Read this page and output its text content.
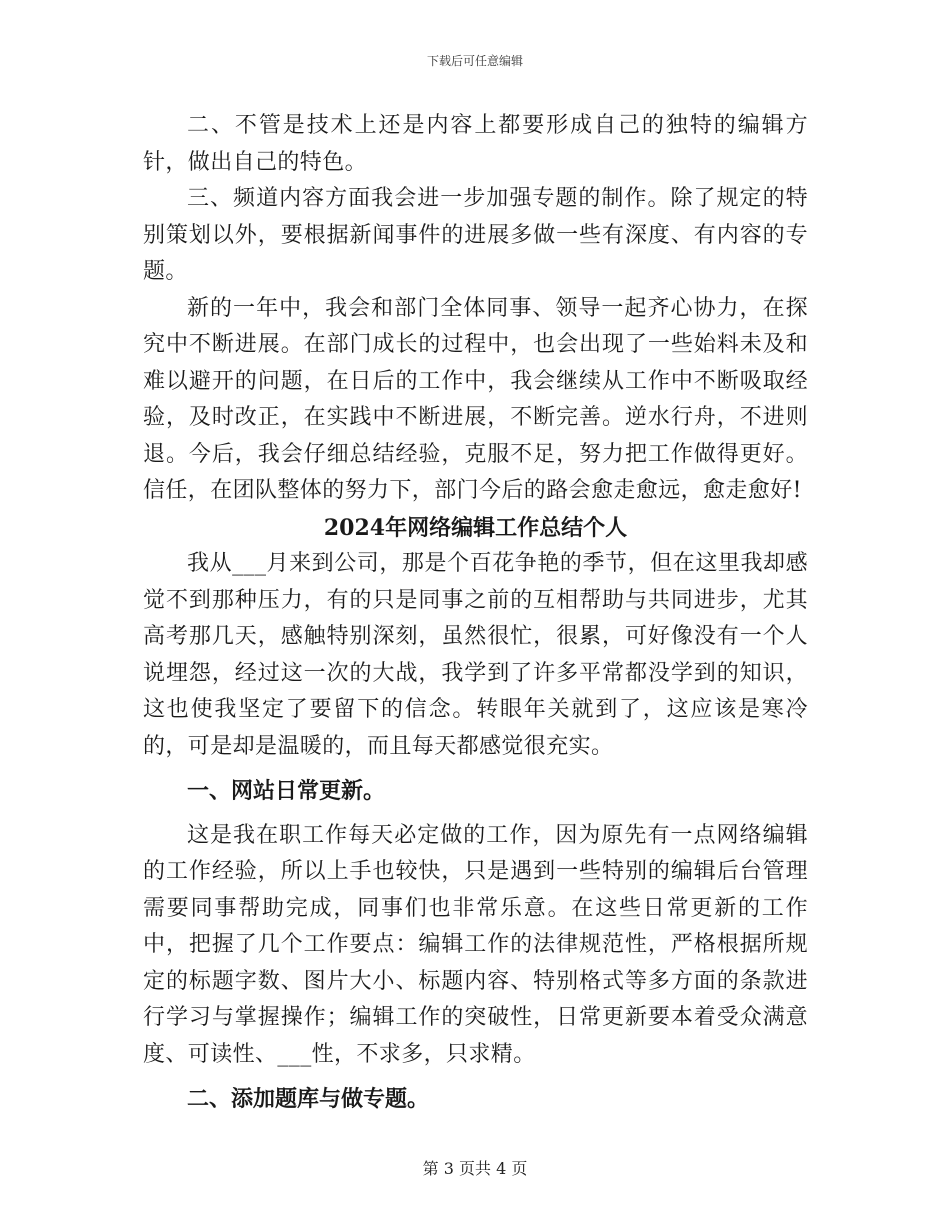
下载后可任意编辑

二、不管是技术上还是内容上都要形成自己的独特的编辑方针，做出自己的特色。

三、频道内容方面我会进一步加强专题的制作。除了规定的特别策划以外，要根据新闻事件的进展多做一些有深度、有内容的专题。

新的一年中，我会和部门全体同事、领导一起齐心协力，在探究中不断进展。在部门成长的过程中，也会出现了一些始料未及和难以避开的问题，在日后的工作中，我会继续从工作中不断吸取经验，及时改正，在实践中不断进展，不断完善。逆水行舟，不进则退。今后，我会仔细总结经验，克服不足，努力把工作做得更好。信任，在团队整体的努力下，部门今后的路会愈走愈远，愈走愈好!

2024年网络编辑工作总结个人

我从___月来到公司，那是个百花争艳的季节，但在这里我却感觉不到那种压力，有的只是同事之前的互相帮助与共同进步，尤其高考那几天，感触特别深刻，虽然很忙，很累，可好像没有一个人说埋怨，经过这一次的大战，我学到了许多平常都没学到的知识，这也使我坚定了要留下的信念。转眼年关就到了，这应该是寒冷的，可是却是温暖的，而且每天都感觉很充实。

一、网站日常更新。

这是我在职工作每天必定做的工作，因为原先有一点网络编辑的工作经验，所以上手也较快，只是遇到一些特别的编辑后台管理需要同事帮助完成，同事们也非常乐意。在这些日常更新的工作中，把握了几个工作要点：编辑工作的法律规范性，严格根据所规定的标题字数、图片大小、标题内容、特别格式等多方面的条款进行学习与掌握操作；编辑工作的突破性，日常更新要本着受众满意度、可读性、___性，不求多，只求精。

二、添加题库与做专题。

第 3 页共 4 页
